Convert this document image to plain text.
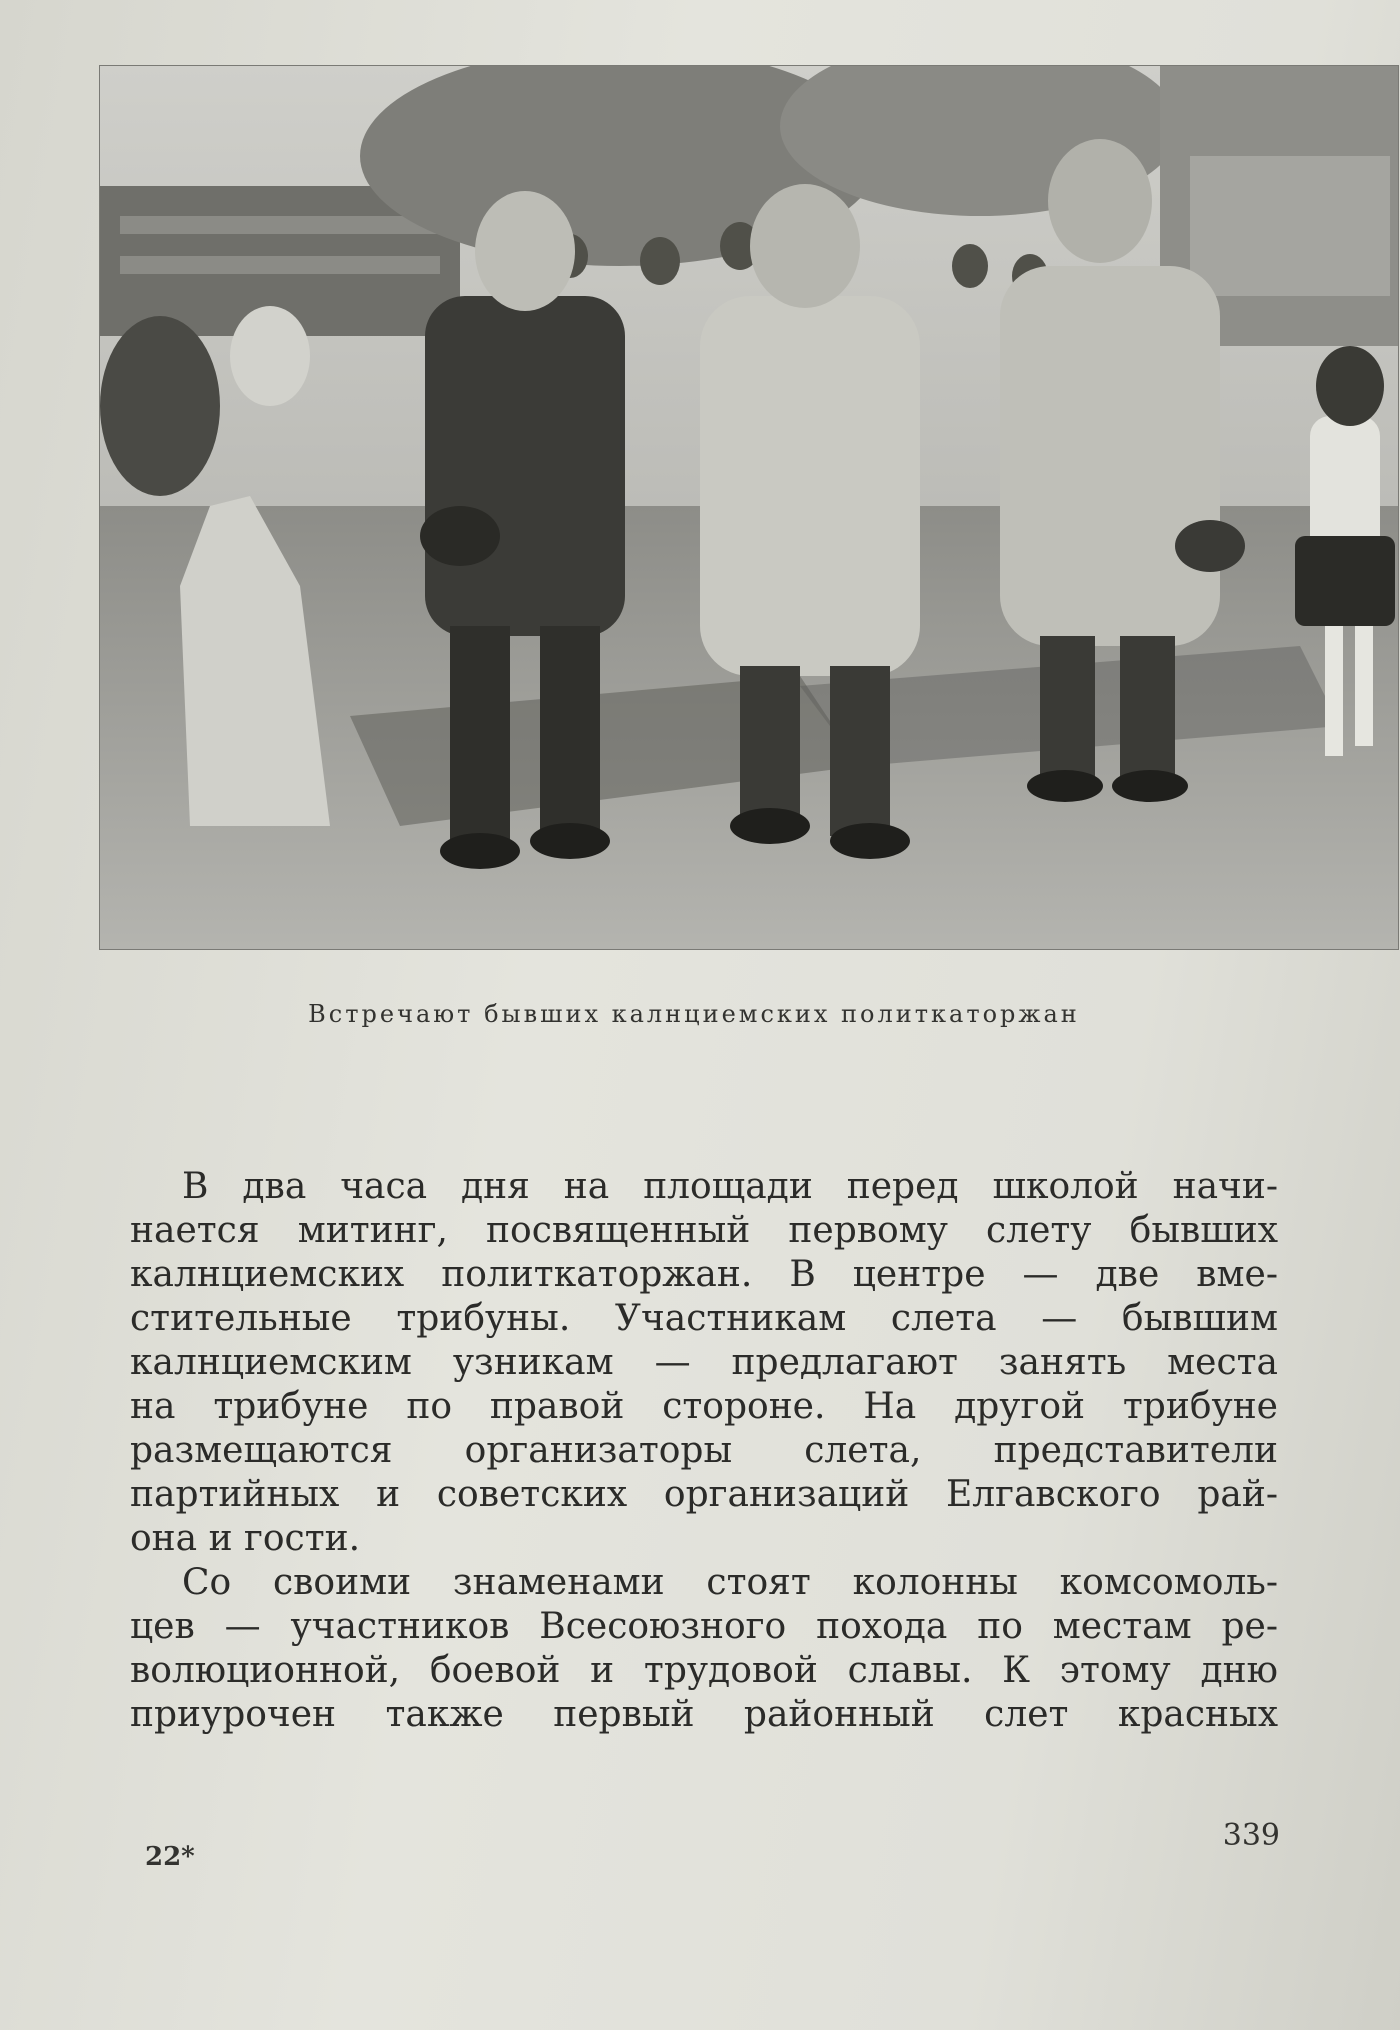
Встречают бывших калнциемских политкаторжан
В два часа дня на площади перед школой начи-
нается митинг, посвященный первому слету бывших
калнциемских политкаторжан. В центре — две вме-
стительные трибуны. Участникам слета — бывшим
калнциемским узникам — предлагают занять места
на трибуне по правой стороне. На другой трибуне
размещаются организаторы слета, представители
партийных и советских организаций Елгавского рай-
она и гости.
Со своими знаменами стоят колонны комсомоль-
цев — участников Всесоюзного похода по местам ре-
волюционной, боевой и трудовой славы. К этому дню
приурочен также первый районный слет красных
339
22*
